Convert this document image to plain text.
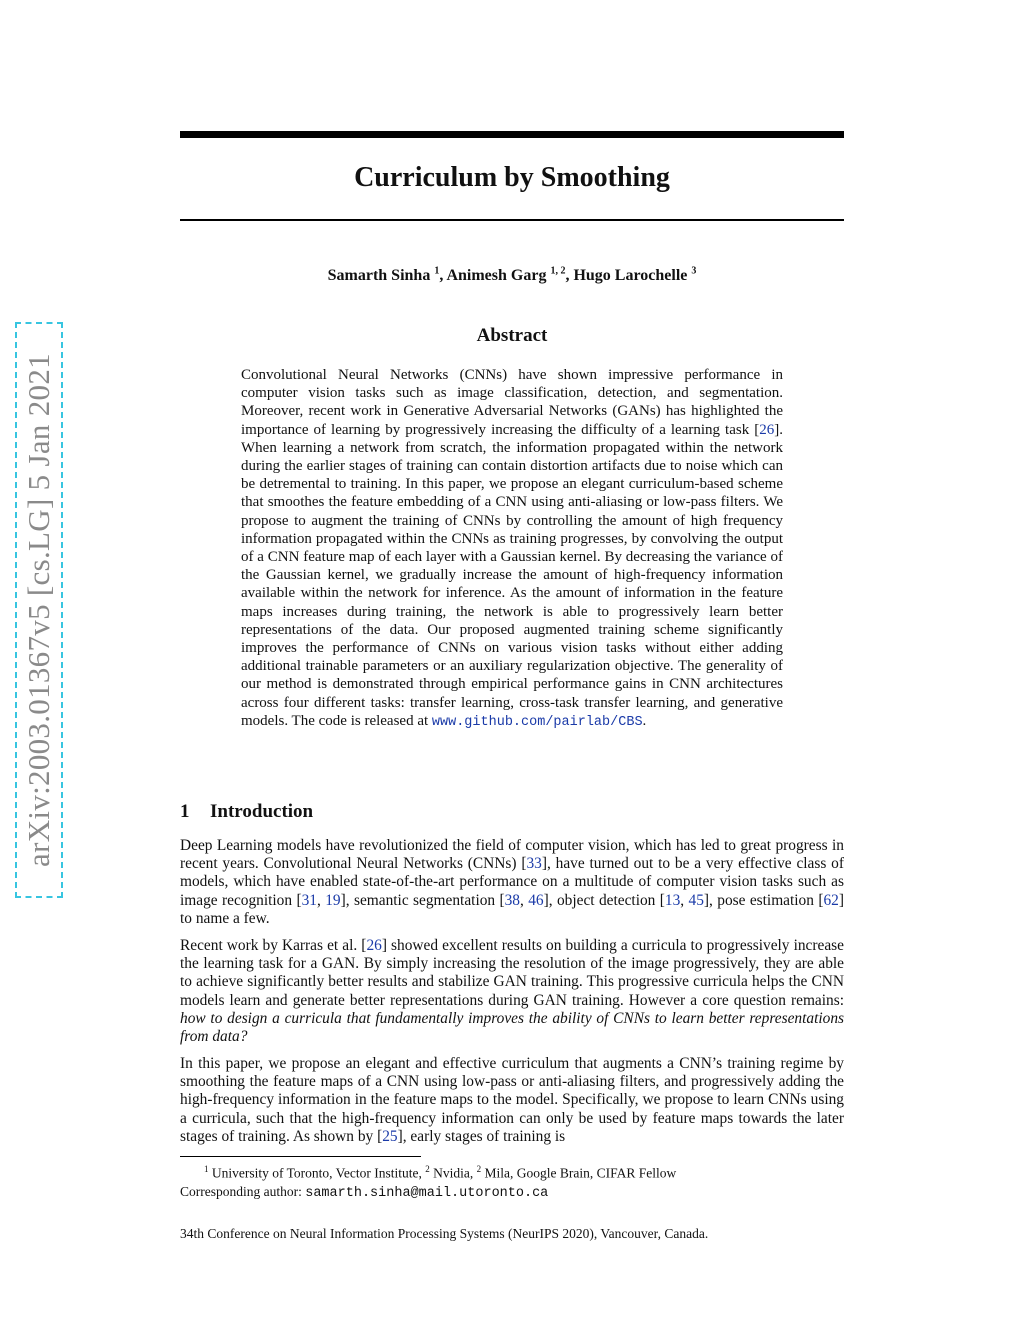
arXiv:2003.01367v5 [cs.LG] 5 Jan 2021
Curriculum by Smoothing
Samarth Sinha $^1$, Animesh Garg $^{1, 2}$, Hugo Larochelle $^3$
Abstract

Convolutional Neural Networks (CNNs) have shown impressive performance in computer vision tasks such as image classification, detection, and segmentation. Moreover, recent work in Generative Adversarial Networks (GANs) has highlighted the importance of learning by progressively increasing the difficulty of a learning task [26]. When learning a network from scratch, the information propagated within the network during the earlier stages of training can contain distortion artifacts due to noise which can be detremental to training. In this paper, we propose an elegant curriculum-based scheme that smoothes the feature embedding of a CNN using anti-aliasing or low-pass filters. We propose to augment the training of CNNs by controlling the amount of high frequency information propagated within the CNNs as training progresses, by convolving the output of a CNN feature map of each layer with a Gaussian kernel. By decreasing the variance of the Gaussian kernel, we gradually increase the amount of high-frequency information available within the network for inference. As the amount of information in the feature maps increases during training, the network is able to progressively learn better representations of the data. Our proposed augmented training scheme significantly improves the performance of CNNs on various vision tasks without either adding additional trainable parameters or an auxiliary regularization objective. The generality of our method is demonstrated through empirical performance gains in CNN architectures across four different tasks: transfer learning, cross-task transfer learning, and generative models. The code is released at www.github.com/pairlab/CBS.

1 Introduction

Deep Learning models have revolutionized the field of computer vision, which has led to great progress in recent years. Convolutional Neural Networks (CNNs) [33], have turned out to be a very effective class of models, which have enabled state-of-the-art performance on a multitude of computer vision tasks such as image recognition [31, 19], semantic segmentation [38, 46], object detection [13, 45], pose estimation [62] to name a few.

Recent work by Karras et al. [26] showed excellent results on building a curricula to progressively increase the learning task for a GAN. By simply increasing the resolution of the image progressively, they are able to achieve significantly better results and stabilize GAN training. This progressive curricula helps the CNN models learn and generate better representations during GAN training. However a core question remains: how to design a curricula that fundamentally improves the ability of CNNs to learn better representations from data?

In this paper, we propose an elegant and effective curriculum that augments a CNN’s training regime by smoothing the feature maps of a CNN using low-pass or anti-aliasing filters, and progressively adding the high-frequency information in the feature maps to the model. Specifically, we propose to learn CNNs using a curricula, such that the high-frequency information can only be used by feature maps towards the later stages of training. As shown by [25], early stages of training is

$^1$ University of Toronto, Vector Institute, $^2$ Nvidia, $^2$ Mila, Google Brain, CIFAR Fellow
Corresponding author: samarth.sinha@mail.utoronto.ca

34th Conference on Neural Information Processing Systems (NeurIPS 2020), Vancouver, Canada.
